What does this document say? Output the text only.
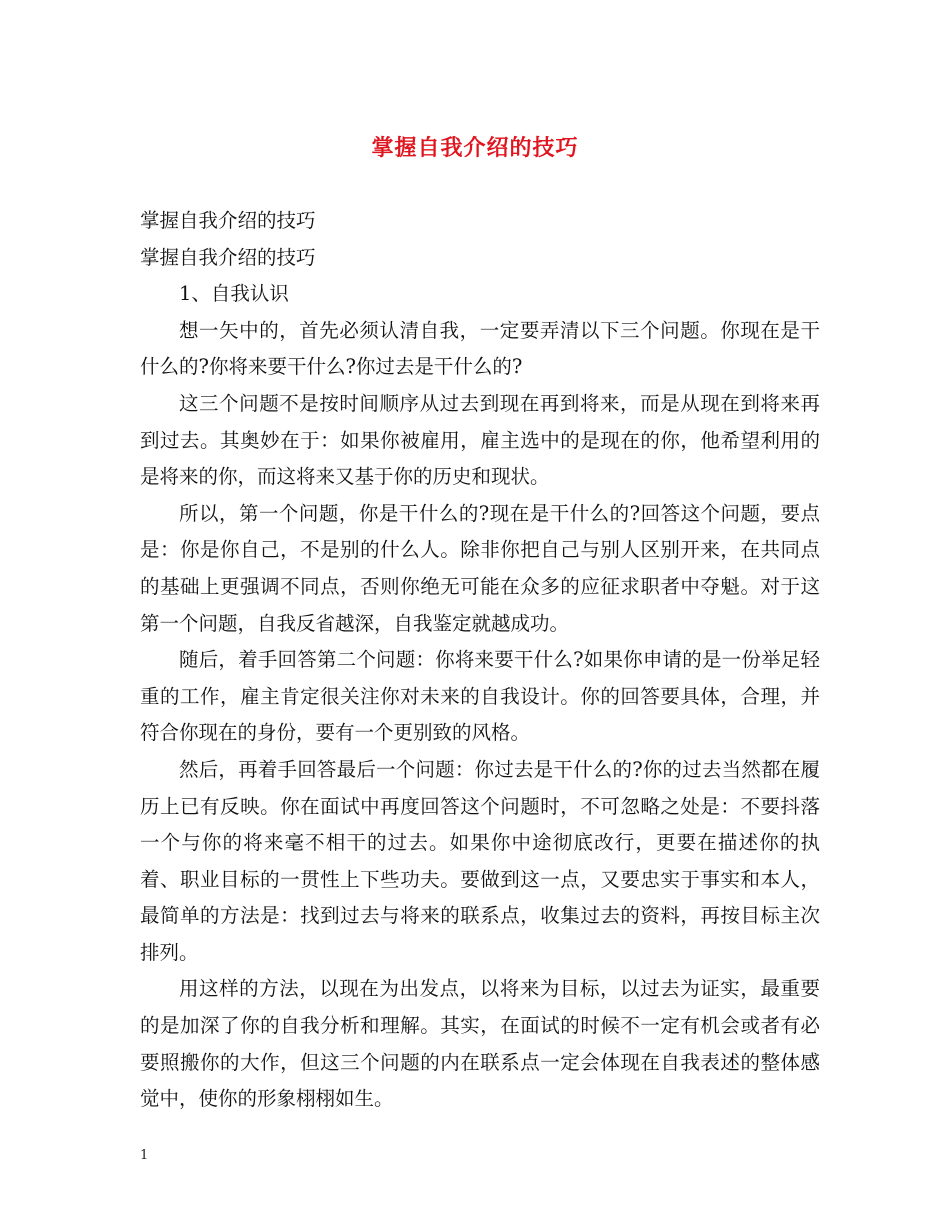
掌握自我介绍的技巧

掌握自我介绍的技巧

掌握自我介绍的技巧

1、自我认识

想一矢中的，首先必须认清自我，一定要弄清以下三个问题。你现在是干什么的?你将来要干什么?你过去是干什么的?

这三个问题不是按时间顺序从过去到现在再到将来，而是从现在到将来再到过去。其奥妙在于：如果你被雇用，雇主选中的是现在的你，他希望利用的是将来的你，而这将来又基于你的历史和现状。

所以，第一个问题，你是干什么的?现在是干什么的?回答这个问题，要点是：你是你自己，不是别的什么人。除非你把自己与别人区别开来，在共同点的基础上更强调不同点，否则你绝无可能在众多的应征求职者中夺魁。对于这第一个问题，自我反省越深，自我鉴定就越成功。

随后，着手回答第二个问题：你将来要干什么?如果你申请的是一份举足轻重的工作，雇主肯定很关注你对未来的自我设计。你的回答要具体，合理，并符合你现在的身份，要有一个更别致的风格。

然后，再着手回答最后一个问题：你过去是干什么的?你的过去当然都在履历上已有反映。你在面试中再度回答这个问题时，不可忽略之处是：不要抖落一个与你的将来毫不相干的过去。如果你中途彻底改行，更要在描述你的执着、职业目标的一贯性上下些功夫。要做到这一点，又要忠实于事实和本人，最简单的方法是：找到过去与将来的联系点，收集过去的资料，再按目标主次排列。

用这样的方法，以现在为出发点，以将来为目标，以过去为证实，最重要的是加深了你的自我分析和理解。其实，在面试的时候不一定有机会或者有必要照搬你的大作，但这三个问题的内在联系点一定会体现在自我表述的整体感觉中，使你的形象栩栩如生。

1
